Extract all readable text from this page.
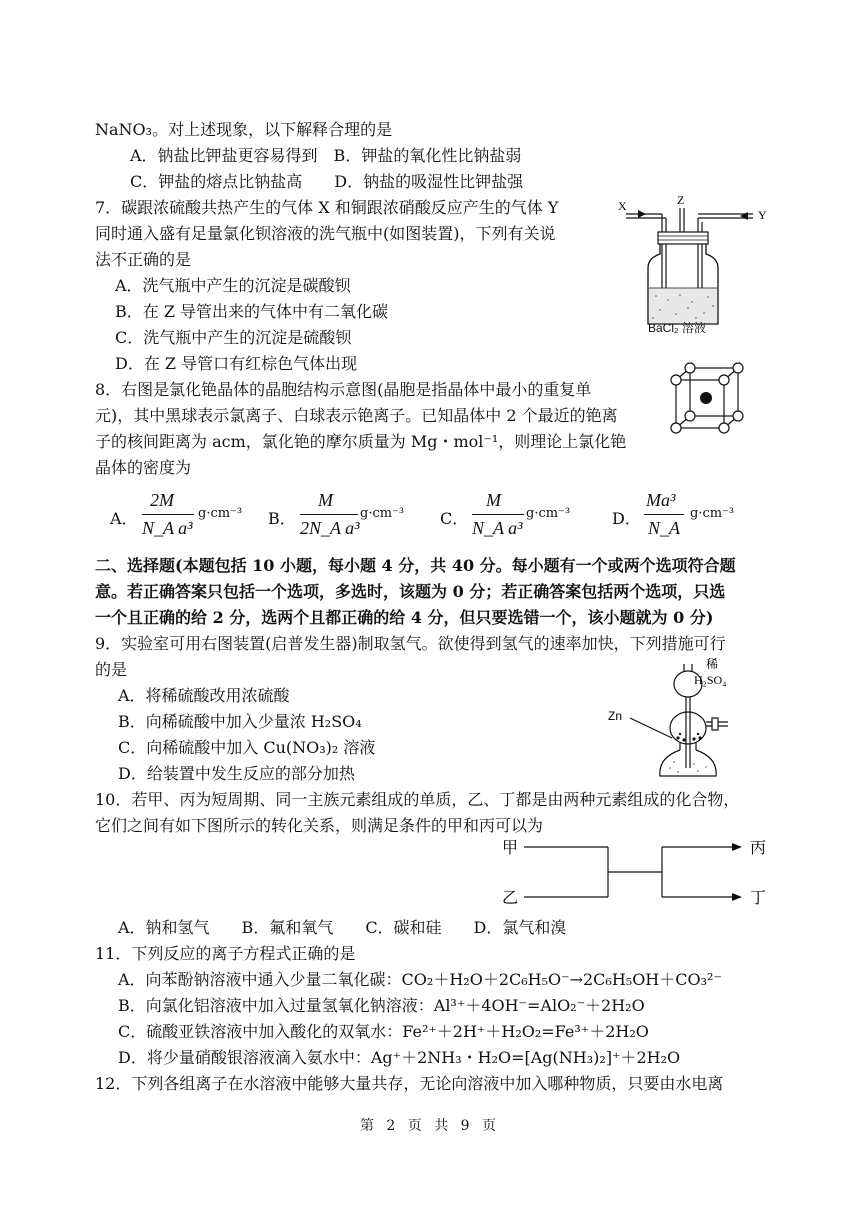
NaNO₃。对上述现象，以下解释合理的是
A．钠盐比钾盐更容易得到　B．钾盐的氧化性比钠盐弱
C．钾盐的熔点比钠盐高　　D．钠盐的吸湿性比钾盐强
7．碳跟浓硫酸共热产生的气体 X 和铜跟浓硝酸反应产生的气体 Y
同时通入盛有足量氯化钡溶液的洗气瓶中(如图装置)，下列有关说
法不正确的是
A．洗气瓶中产生的沉淀是碳酸钡
B．在 Z 导管出来的气体中有二氧化碳
C．洗气瓶中产生的沉淀是硫酸钡
D．在 Z 导管口有红棕色气体出现
X	Z
Y
BaCl₂ 溶液
8．右图是氯化铯晶体的晶胞结构示意图(晶胞是指晶体中最小的重复单
元)，其中黑球表示氯离子、白球表示铯离子。已知晶体中 2 个最近的铯离
子的核间距离为 acm，氯化铯的摩尔质量为 Mg・mol⁻¹，则理论上氯化铯
晶体的密度为
A．
2M
N_A a³
g·cm⁻³ B．
M
2N_A a³
g·cm⁻³ C．
M
N_A a³
g·cm⁻³	D．
Ma³
N_A
g·cm⁻³
二、选择题(本题包括 10 小题，每小题 4 分，共 40 分。每小题有一个或两个选项符合题
意。若正确答案只包括一个选项，多选时，该题为 0 分；若正确答案包括两个选项，只选
一个且正确的给 2 分，选两个且都正确的给 4 分，但只要选错一个，该小题就为 0 分)
9．实验室可用右图装置(启普发生器)制取氢气。欲使得到氢气的速率加快，下列措施可行
的是
A．将稀硫酸改用浓硫酸
B．向稀硫酸中加入少量浓 H₂SO₄
C．向稀硫酸中加入 Cu(NO₃)₂ 溶液
D．给装置中发生反应的部分加热
稀
H₂SO₄
Zn
10．若甲、丙为短周期、同一主族元素组成的单质，乙、丁都是由两种元素组成的化合物，
它们之间有如下图所示的转化关系，则满足条件的甲和丙可以为
甲
乙
丙
丁
A．钠和氢气　　B．氟和氧气　　C．碳和硅　　D．氯气和溴
11．下列反应的离子方程式正确的是
A．向苯酚钠溶液中通入少量二氧化碳：CO₂＋H₂O＋2C₆H₅O⁻→2C₆H₅OH＋CO₃²⁻
B．向氯化铝溶液中加入过量氢氧化钠溶液：Al³⁺＋4OH⁻=AlO₂⁻＋2H₂O
C．硫酸亚铁溶液中加入酸化的双氧水：Fe²⁺＋2H⁺＋H₂O₂=Fe³⁺＋2H₂O
D．将少量硝酸银溶液滴入氨水中：Ag⁺＋2NH₃・H₂O=[Ag(NH₃)₂]⁺＋2H₂O
12．下列各组离子在水溶液中能够大量共存，无论向溶液中加入哪种物质，只要由水电离
第 2 页 共 9 页
